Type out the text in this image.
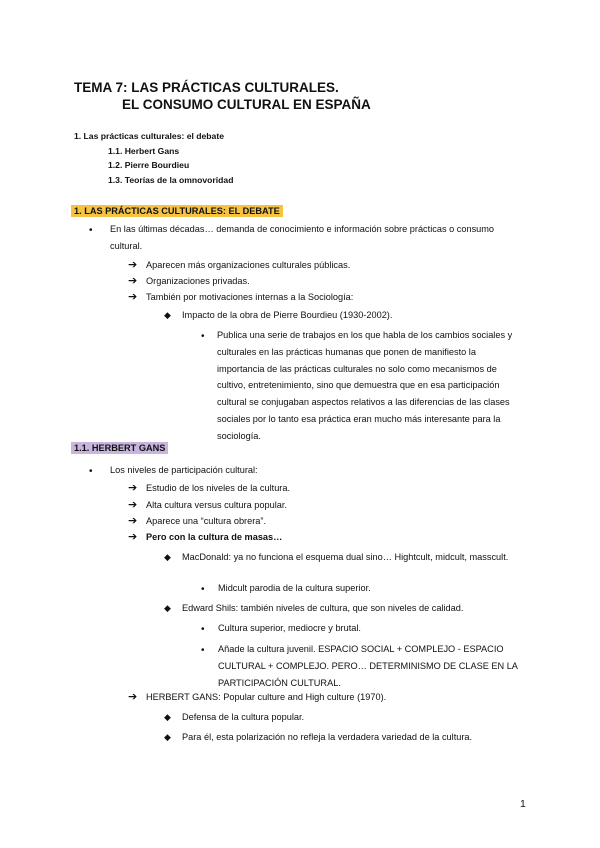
TEMA 7: LAS PRÁCTICAS CULTURALES.
EL CONSUMO CULTURAL EN ESPAÑA
1. Las prácticas culturales: el debate
1.1. Herbert Gans
1.2. Pierre Bourdieu
1.3. Teorías de la omnovoridad
1. LAS PRÁCTICAS CULTURALES: EL DEBATE
• En las últimas décadas… demanda de conocimiento e información sobre prácticas o consumo cultural.
➔ Aparecen más organizaciones culturales públicas.
➔ Organizaciones privadas.
➔ También por motivaciones internas a la Sociología:
◆ Impacto de la obra de Pierre Bourdieu (1930-2002).
• Publica una serie de trabajos en los que habla de los cambios sociales y culturales en las prácticas humanas que ponen de manifiesto la importancia de las prácticas culturales no solo como mecanismos de cultivo, entretenimiento, sino que demuestra que en esa participación cultural se conjugaban aspectos relativos a las diferencias de las clases sociales por lo tanto esa práctica eran mucho más interesante para la sociología.
1.1. HERBERT GANS
• Los niveles de participación cultural:
➔ Estudio de los niveles de la cultura.
➔ Alta cultura versus cultura popular.
➔ Aparece una “cultura obrera”.
➔ Pero con la cultura de masas…
◆ MacDonald: ya no funciona el esquema dual sino… Hightcult, midcult, masscult.
• Midcult parodia de la cultura superior.
◆ Edward Shils: también niveles de cultura, que son niveles de calidad.
• Cultura superior, mediocre y brutal.
• Añade la cultura juvenil. ESPACIO SOCIAL + COMPLEJO - ESPACIO CULTURAL + COMPLEJO. PERO… DETERMINISMO DE CLASE EN LA PARTICIPACIÓN CULTURAL.
➔ HERBERT GANS: Popular culture and High culture (1970).
◆ Defensa de la cultura popular.
◆ Para él, esta polarización no refleja la verdadera variedad de la cultura.
1
